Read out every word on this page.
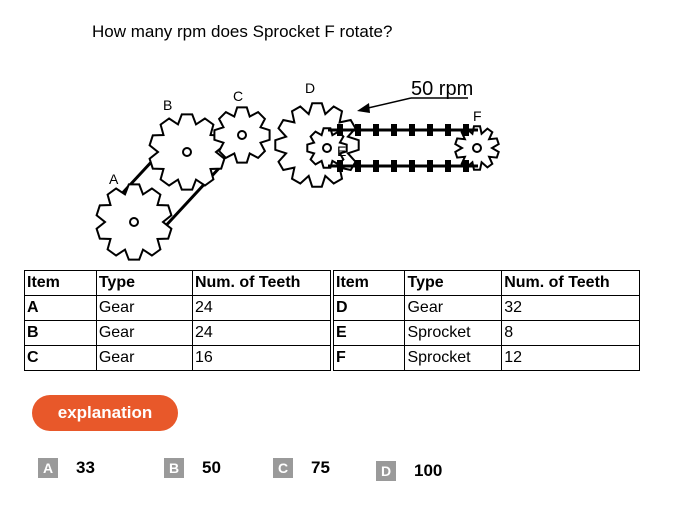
How many rpm does Sprocket F rotate?
A
B
C	D
E
F
50 rpm
Item	Type	Num. of Teeth
A	Gear	24
B	Gear	24
C	Gear	16
Item	Type	Num. of Teeth
D	Gear	32
E	Sprocket	8
F	Sprocket	12
explanation
A 33	B 50	C 75	D 100
